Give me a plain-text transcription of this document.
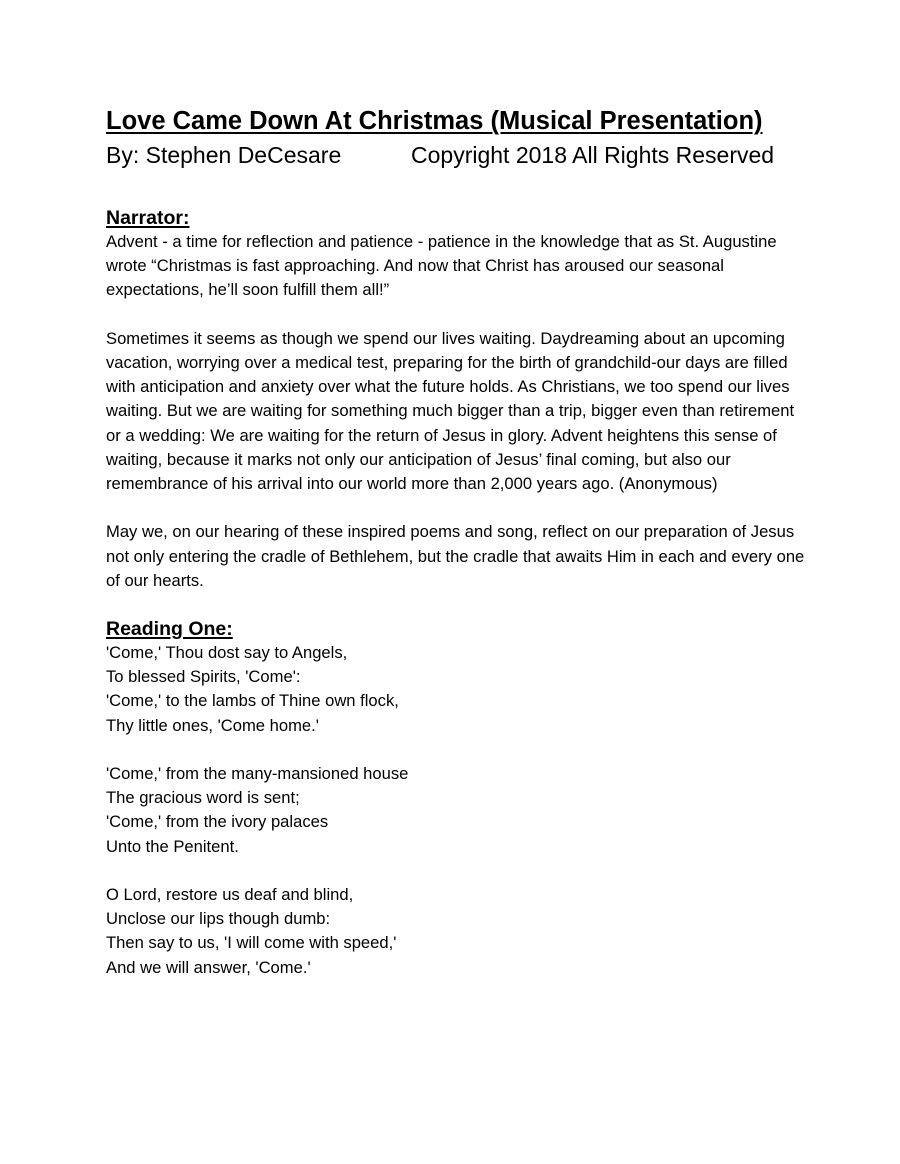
Love Came Down At Christmas (Musical Presentation)

By: Stephen DeCesare	Copyright 2018 All Rights Reserved

Narrator:

Advent - a time for reflection and patience - patience in the knowledge that as St. Augustine wrote “Christmas is fast approaching. And now that Christ has aroused our seasonal expectations, he’ll soon fulfill them all!”

Sometimes it seems as though we spend our lives waiting. Daydreaming about an upcoming vacation, worrying over a medical test, preparing for the birth of grandchild-our days are filled with anticipation and anxiety over what the future holds. As Christians, we too spend our lives waiting. But we are waiting for something much bigger than a trip, bigger even than retirement or a wedding: We are waiting for the return of Jesus in glory. Advent heightens this sense of waiting, because it marks not only our anticipation of Jesus’ final coming, but also our remembrance of his arrival into our world more than 2,000 years ago. (Anonymous)

May we, on our hearing of these inspired poems and song, reflect on our preparation of Jesus not only entering the cradle of Bethlehem, but the cradle that awaits Him in each and every one of our hearts.

Reading One:

'Come,' Thou dost say to Angels,
To blessed Spirits, 'Come':
'Come,' to the lambs of Thine own flock,
Thy little ones, 'Come home.'

'Come,' from the many-mansioned house
The gracious word is sent;
'Come,' from the ivory palaces
Unto the Penitent.

O Lord, restore us deaf and blind,
Unclose our lips though dumb:
Then say to us, 'I will come with speed,'
And we will answer, 'Come.'
